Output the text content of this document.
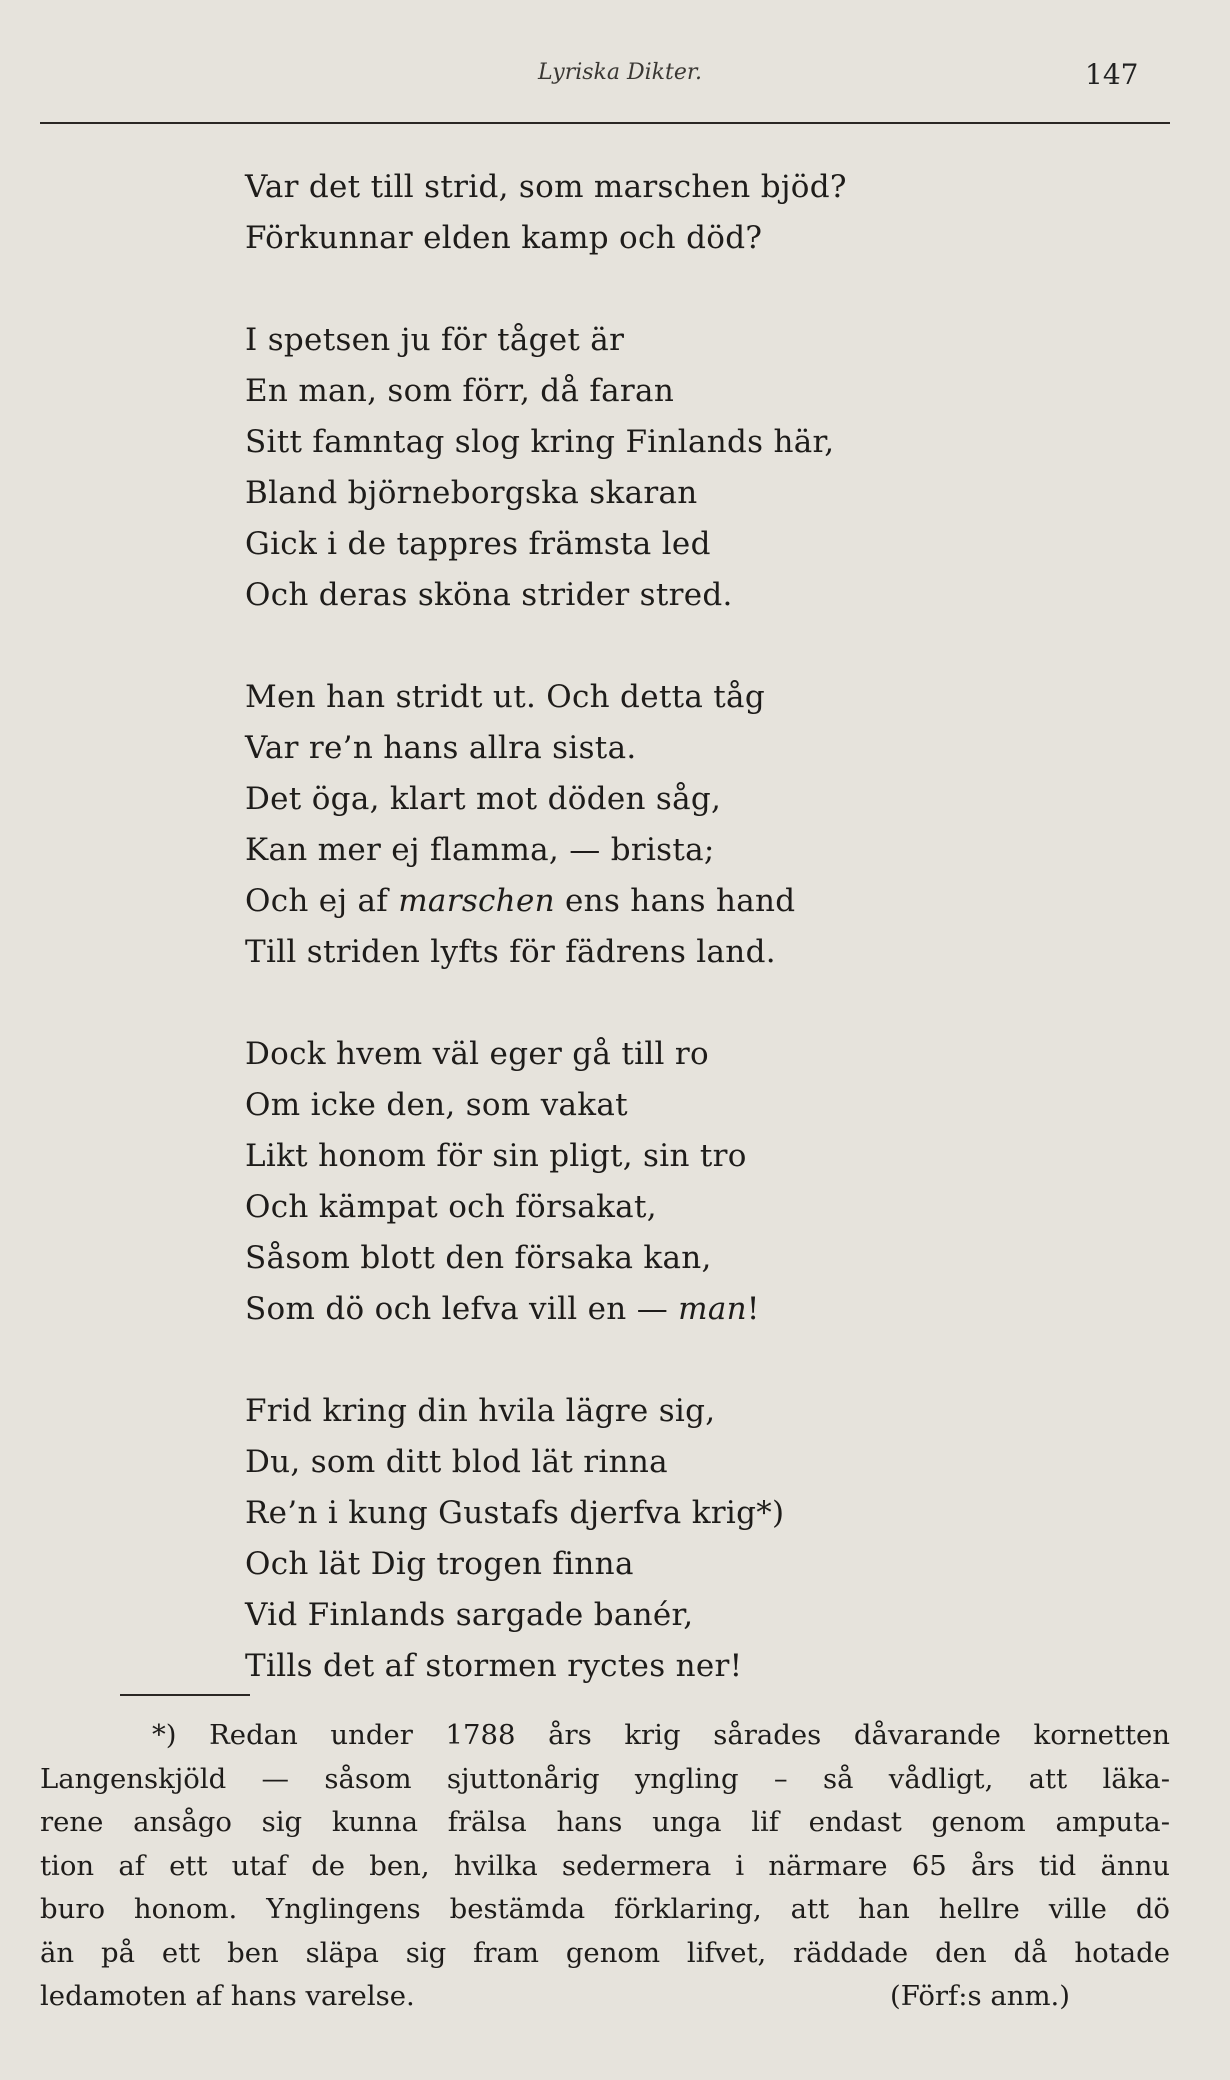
Lyriska Dikter.	147
Var det till strid, som marschen bjöd?
Förkunnar elden kamp och död?
I spetsen ju för tåget är
En man, som förr, då faran
Sitt famntag slog kring Finlands här,
Bland björneborgska skaran
Gick i de tappres främsta led
Och deras sköna strider stred.
Men han stridt ut. Och detta tåg
Var re’n hans allra sista.
Det öga, klart mot döden såg,
Kan mer ej flamma, — brista;
Och ej af marschen ens hans hand
Till striden lyfts för fädrens land.
Dock hvem väl eger gå till ro
Om icke den, som vakat
Likt honom för sin pligt, sin tro
Och kämpat och försakat,
Såsom blott den försaka kan,
Som dö och lefva vill en — man!
Frid kring din hvila lägre sig,
Du, som ditt blod lät rinna
Re’n i kung Gustafs djerfva krig*)
Och lät Dig trogen finna
Vid Finlands sargade banér,
Tills det af stormen ryctes ner!
*) Redan under 1788 års krig sårades dåvarande kornetten
Langenskjöld — såsom sjuttonårig yngling – så vådligt, att läka-
rene ansågo sig kunna frälsa hans unga lif endast genom amputa-
tion af ett utaf de ben, hvilka sedermera i närmare 65 års tid ännu
buro honom. Ynglingens bestämda förklaring, att han hellre ville dö
än på ett ben släpa sig fram genom lifvet, räddade den då hotade
ledamoten af hans varelse.	(Förf:s anm.)
